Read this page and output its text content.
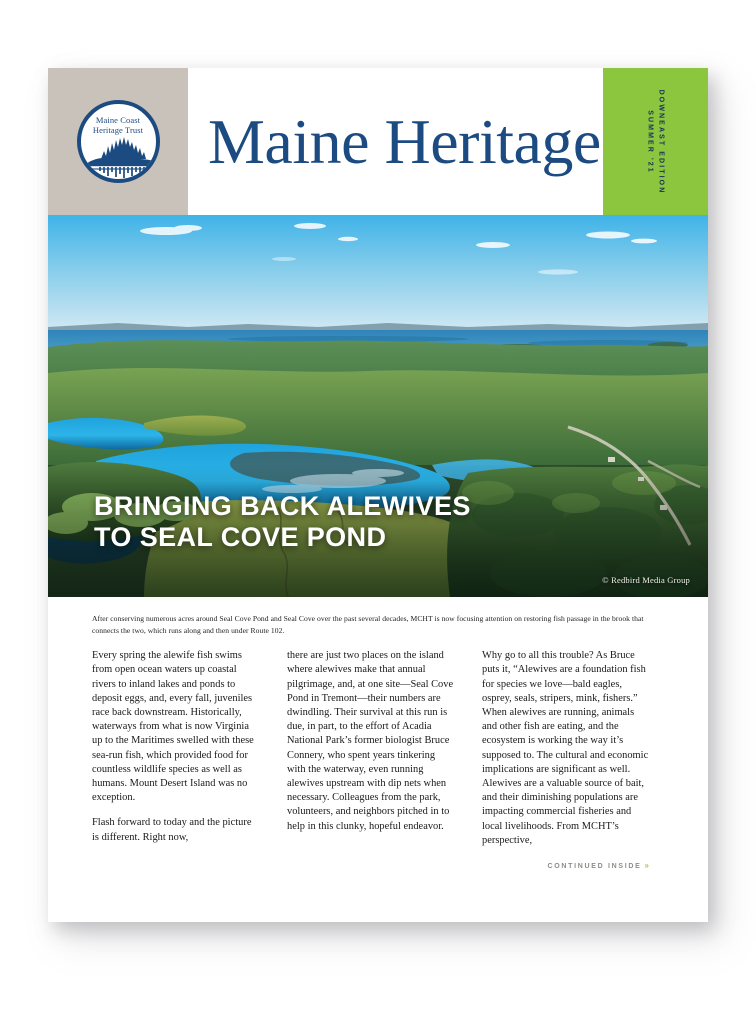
Maine Coast
Heritage Trust Maine Heritage	DOWNEAST EDITION
SUMMER '21
BRINGING BACK ALEWIVES
TO SEAL COVE POND
© Redbird Media Group
After conserving numerous acres around Seal Cove Pond and Seal Cove over the past several decades, MCHT is now focusing attention on restoring fish passage in the brook that connects the two, which runs along and then under Route 102.

Every spring the alewife fish swims from open ocean waters up coastal rivers to inland lakes and ponds to deposit eggs, and, every fall, juveniles race back downstream. Historically, waterways from what is now Virginia up to the Maritimes swelled with these sea-run fish, which provided food for countless wildlife species as well as humans. Mount Desert Island was no exception.

Flash forward to today and the picture is different. Right now,

there are just two places on the island where alewives make that annual pilgrimage, and, at one site—Seal Cove Pond in Tremont—their numbers are dwindling. Their survival at this run is due, in part, to the effort of Acadia National Park’s former biologist Bruce Connery, who spent years tinkering with the waterway, even running alewives upstream with dip nets when necessary. Colleagues from the park, volunteers, and neighbors pitched in to help in this clunky, hopeful endeavor.

Why go to all this trouble? As Bruce puts it, “Alewives are a foundation fish for species we love—bald eagles, osprey, seals, stripers, mink, fishers.” When alewives are running, animals and other fish are eating, and the ecosystem is working the way it’s supposed to. The cultural and economic implications are significant as well. Alewives are a valuable source of bait, and their diminishing populations are impacting commercial fisheries and local livelihoods. From MCHT’s perspective,

CONTINUED INSIDE »
